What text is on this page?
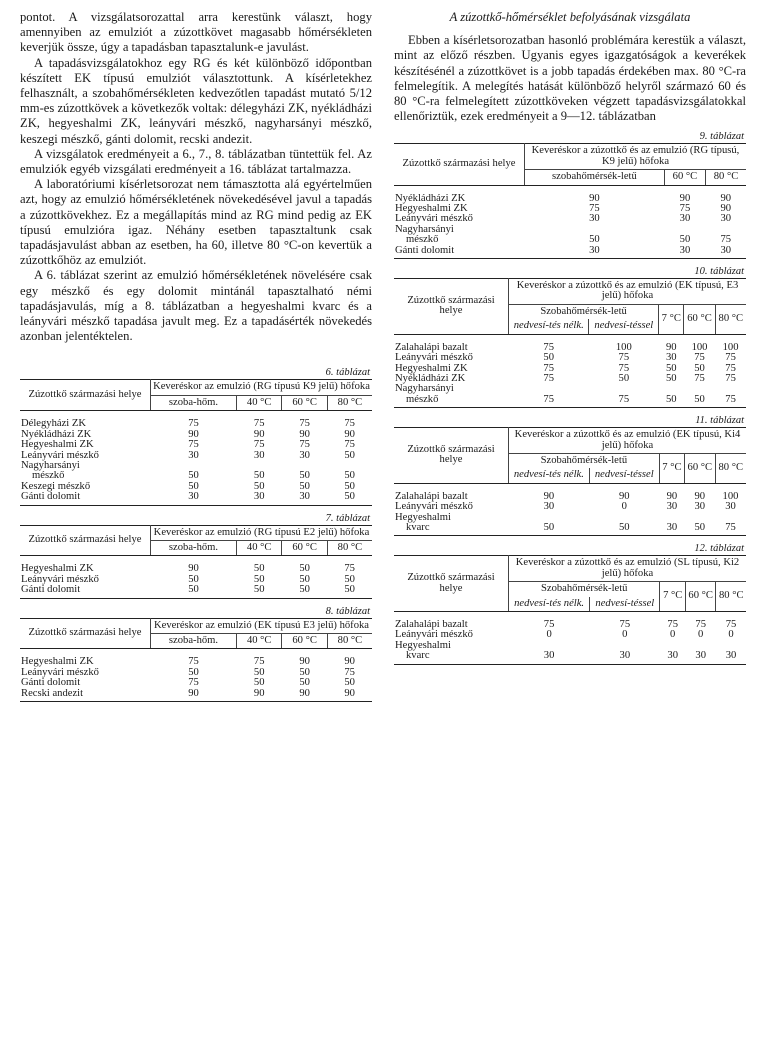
pontot. A vizsgálatsorozattal arra kerestünk választ, hogy amennyiben az emulziót a zúzottkövet magasabb hőmérsékleten keverjük össze, úgy a tapadásban tapasztalunk-e javulást.

A tapadásvizsgálatokhoz egy RG és két különböző időpontban készített EK típusú emulziót választottunk. A kísérletekhez felhasznált, a szobahőmérsékleten kedvezőtlen tapadást mutató 5/12 mm-es zúzottkövek a következők voltak: délegyházi ZK, nyékládházi ZK, hegyeshalmi ZK, leányvári mészkő, nagyharsányi mészkő, keszegi mészkő, gánti dolomit, recski andezit.

A vizsgálatok eredményeit a 6., 7., 8. táblázatban tüntettük fel. Az emulziók egyéb vizsgálati eredményeit a 16. táblázat tartalmazza.

A laboratóriumi kísérletsorozat nem támasztotta alá egyértelműen azt, hogy az emulzió hőmérsékletének növekedésével javul a tapadás a zúzottkövekhez. Ez a megállapítás mind az RG mind pedig az EK típusú emulzióra igaz. Néhány esetben tapasztaltunk csak tapadásjavulást abban az esetben, ha 60, illetve 80 °C-on kevertük a zúzottkőhöz az emulziót.

A 6. táblázat szerint az emulzió hőmérsékletének növelésére csak egy mészkő és egy dolomit mintánál tapasztalható némi tapadásjavulás, míg a 8. táblázatban a hegyeshalmi kvarc és a leányvári mészkő tapadása javult meg. Ez a tapadásérték növekedés azonban jelentéktelen.

6. táblázat
Zúzottkő származási helye	Keveréskor az emulzió (RG típusú K9 jelű) hőfoka			
	szoba-hőm.	40 °C	60 °C	80 °C
Délegyházi ZK	75	75	75	75
Nyékládházi ZK	90	90	90	90
Hegyeshalmi ZK	75	75	75	75
Leányvári mészkő	30	30	30	50
Nagyharsányi				
mészkő	50	50	50	50
Keszegi mészkő	50	50	50	50
Gánti dolomit	30	30	30	50
7. táblázat
Zúzottkő származási helye	Keveréskor az emulzió (RG típusú E2 jelű) hőfoka			
	szoba-hőm.	40 °C	60 °C	80 °C
Hegyeshalmi ZK	90	50	50	75
Leányvári mészkő	50	50	50	50
Gánti dolomit	50	50	50	50
8. táblázat
Zúzottkő származási helye	Keveréskor az emulzió (EK típusú E3 jelű) hőfoka			
	szoba-hőm.	40 °C	60 °C	80 °C
Hegyeshalmi ZK	75	75	90	90
Leányvári mészkő	50	50	50	75
Gánti dolomit	75	50	50	50
Recski andezit	90	90	90	90
A zúzottkő-hőmérséklet befolyásának vizsgálata

Ebben a kísérletsorozatban hasonló problémára kerestük a választ, mint az előző részben. Ugyanis egyes igazgatóságok a keverékek készítésénél a zúzottkövet is a jobb tapadás érdekében max. 80 °C-ra felmelegítik. A melegítés hatását különböző helyről származó 60 és 80 °C-ra felmelegített zúzottköveken végzett tapadásvizsgálatokkal ellenőriztük, ezek eredményeit a 9—12. táblázatban

9. táblázat
Zúzottkő származási helye	Keveréskor a zúzottkő és az emulzió (RG típusú, K9 jelű) hőfoka		
	szobahőmérsék-letű	60 °C	80 °C
Nyékládházi ZK	90	90	90
Hegyeshalmi ZK	75	75	90
Leányvári mészkő	30	30	30
Nagyharsányi			
mészkő	50	50	75
Gánti dolomit	30	30	30
10. táblázat
Zúzottkő származási helye	Keveréskor a zúzottkő és az emulzió (EK típusú, E3 jelű) hőfoka				
	Szobahőmérsék-letű		7 °C	60 °C	80 °C
	nedvesí-tés nélk.	nedvesí-téssel			
Zalahalápi bazalt	75	100	90	100	100
Leányvári mészkő	50	75	30	75	75
Hegyeshalmi ZK	75	75	50	50	75
Nyékládházi ZK	75	50	50	75	75
Nagyharsányi					
mészkő	75	75	50	50	75
11. táblázat
Zúzottkő származási helye	Keveréskor a zúzottkő és az emulzió (EK típusú, Ki4 jelű) hőfoka				
	Szobahőmérsék-letű		7 °C	60 °C	80 °C
	nedvesí-tés nélk.	nedvesí-téssel			
Zalahalápi bazalt	90	90	90	90	100
Leányvári mészkő	30	0	30	30	30
Hegyeshalmi					
kvarc	50	50	30	50	75
12. táblázat
Zúzottkő származási helye	Keveréskor a zúzottkő és az emulzió (SL típusú, Ki2 jelű) hőfoka				
	Szobahőmérsék-letű		7 °C	60 °C	80 °C
	nedvesí-tés nélk.	nedvesí-téssel			
Zalahalápi bazalt	75	75	75	75	75
Leányvári mészkő	0	0	0	0	0
Hegyeshalmi					
kvarc	30	30	30	30	30
